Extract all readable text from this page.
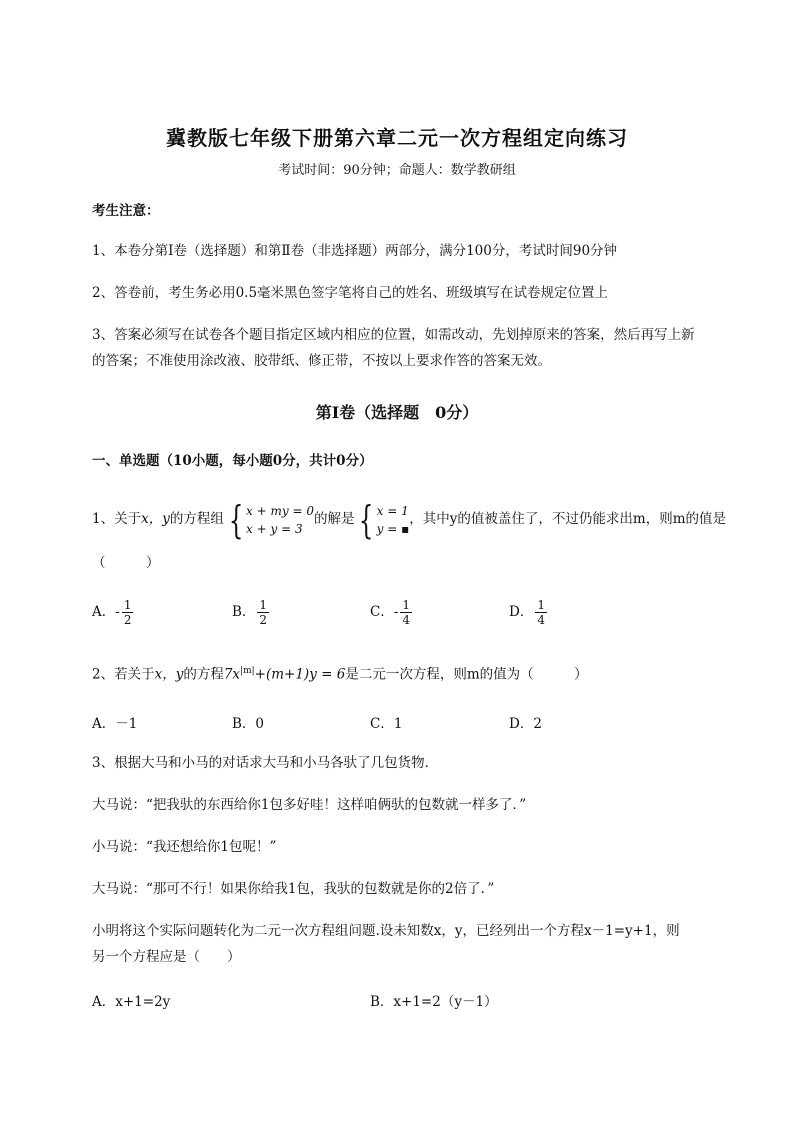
冀教版七年级下册第六章二元一次方程组定向练习
考试时间：90分钟；命题人：数学教研组
考生注意：
1、本卷分第Ⅰ卷（选择题）和第Ⅱ卷（非选择题）两部分，满分100分，考试时间90分钟
2、答卷前，考生务必用0.5毫米黑色签字笔将自己的姓名、班级填写在试卷规定位置上
3、答案必须写在试卷各个题目指定区域内相应的位置，如需改动，先划掉原来的答案，然后再写上新
的答案；不准使用涂改液、胶带纸、修正带，不按以上要求作答的答案无效。
第Ⅰ卷（选择题　0分）
一、单选题（10小题，每小题0分，共计0分）
1、关于x，y的方程组 { x + my = 0
x + y = 3
的解是 { x = 1
y = ▪
，其中y的值被盖住了，不过仍能求出m，则m的值是
（　　　）
A．- $\frac{1}{2}$	B． $\frac{1}{2}$	C．- $\frac{1}{4}$	D． $\frac{1}{4}$
2、若关于x，y的方程$7x^{|m|}+(m+1)y = 6$是二元一次方程，则m的值为（　　　）
A．－1	B．0	C．1	D．2
3、根据大马和小马的对话求大马和小马各驮了几包货物．
大马说：“把我驮的东西给你1包多好哇！这样咱俩驮的包数就一样多了．”
小马说：“我还想给你1包呢！”
大马说：“那可不行！如果你给我1包，我驮的包数就是你的2倍了．”
小明将这个实际问题转化为二元一次方程组问题.设未知数x，y，已经列出一个方程x－1=y+1，则
另一个方程应是（　　）
A．x+1=2y	B．x+1=2（y－1）
